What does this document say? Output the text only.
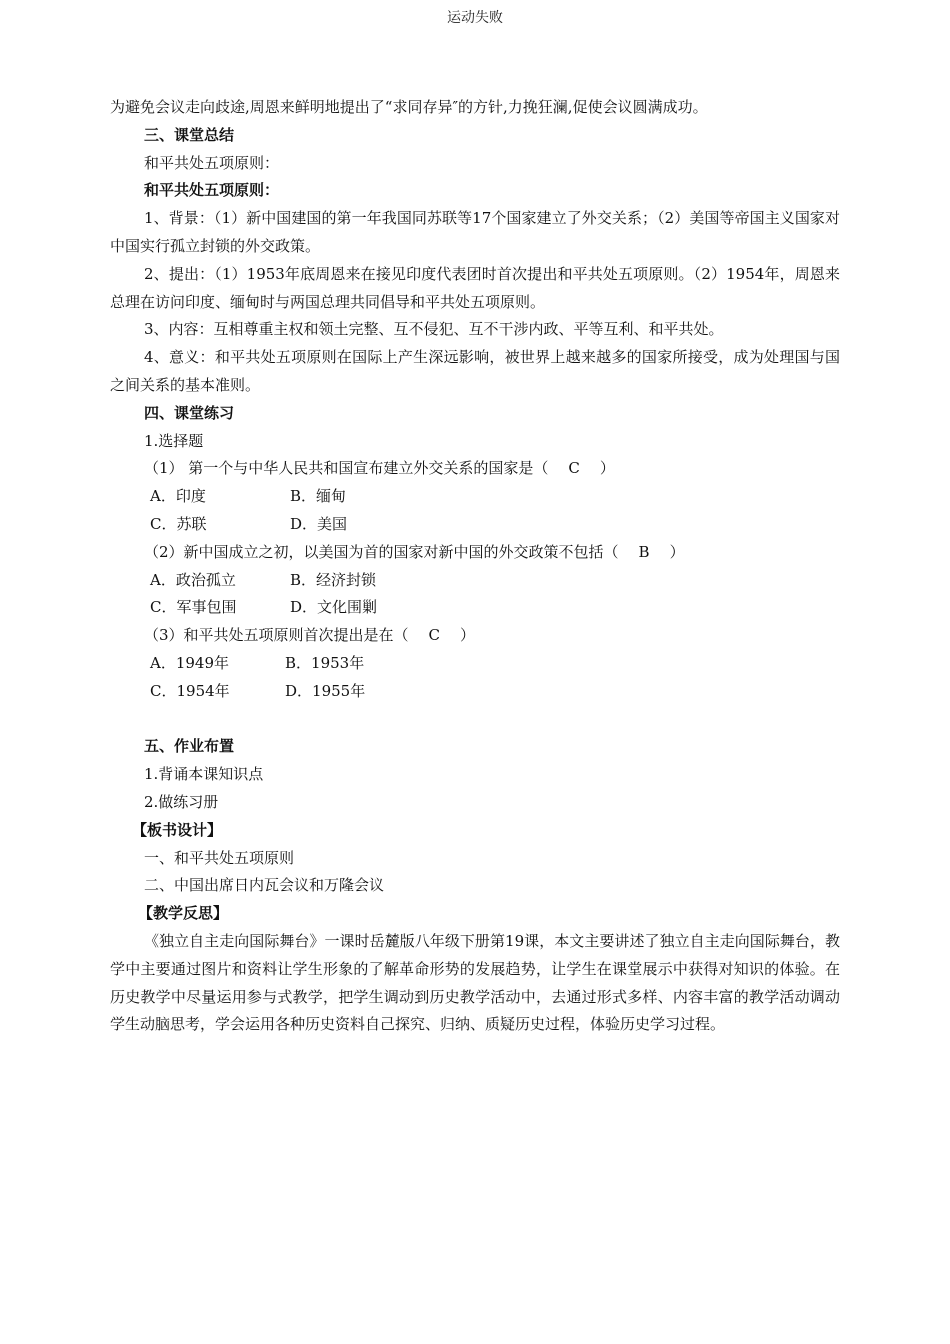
运动失败

为避免会议走向歧途,周恩来鲜明地提出了“求同存异″的方针,力挽狂澜,促使会议圆满成功。

三、课堂总结

和平共处五项原则：

和平共处五项原则：

1、背景：（1）新中国建国的第一年我国同苏联等17个国家建立了外交关系；（2）美国等帝国主义国家对中国实行孤立封锁的外交政策。

2、提出：（1）1953年底周恩来在接见印度代表团时首次提出和平共处五项原则。（2）1954年，周恩来总理在访问印度、缅甸时与两国总理共同倡导和平共处五项原则。

3、内容：互相尊重主权和领土完整、互不侵犯、互不干涉内政、平等互利、和平共处。

4、意义：和平共处五项原则在国际上产生深远影响，被世界上越来越多的国家所接受，成为处理国与国之间关系的基本准则。

四、课堂练习

1.选择题

（1） 第一个与中华人民共和国宣布建立外交关系的国家是（ C ）

A．印度	B．缅甸
C．苏联	D．美国

（2）新中国成立之初，以美国为首的国家对新中国的外交政策不包括（ B ）

A．政治孤立	B．经济封锁
C．军事包围	D．文化围剿

（3）和平共处五项原则首次提出是在（ C ）

A．1949年	B．1953年
C．1954年	D．1955年

五、作业布置

1.背诵本课知识点

2.做练习册

【板书设计】

一、和平共处五项原则

二、中国出席日内瓦会议和万隆会议

【教学反思】

《独立自主走向国际舞台》一课时岳麓版八年级下册第19课，本文主要讲述了独立自主走向国际舞台，教学中主要通过图片和资料让学生形象的了解革命形势的发展趋势，让学生在课堂展示中获得对知识的体验。在历史教学中尽量运用参与式教学，把学生调动到历史教学活动中，去通过形式多样、内容丰富的教学活动调动学生动脑思考，学会运用各种历史资料自己探究、归纳、质疑历史过程，体验历史学习过程。
